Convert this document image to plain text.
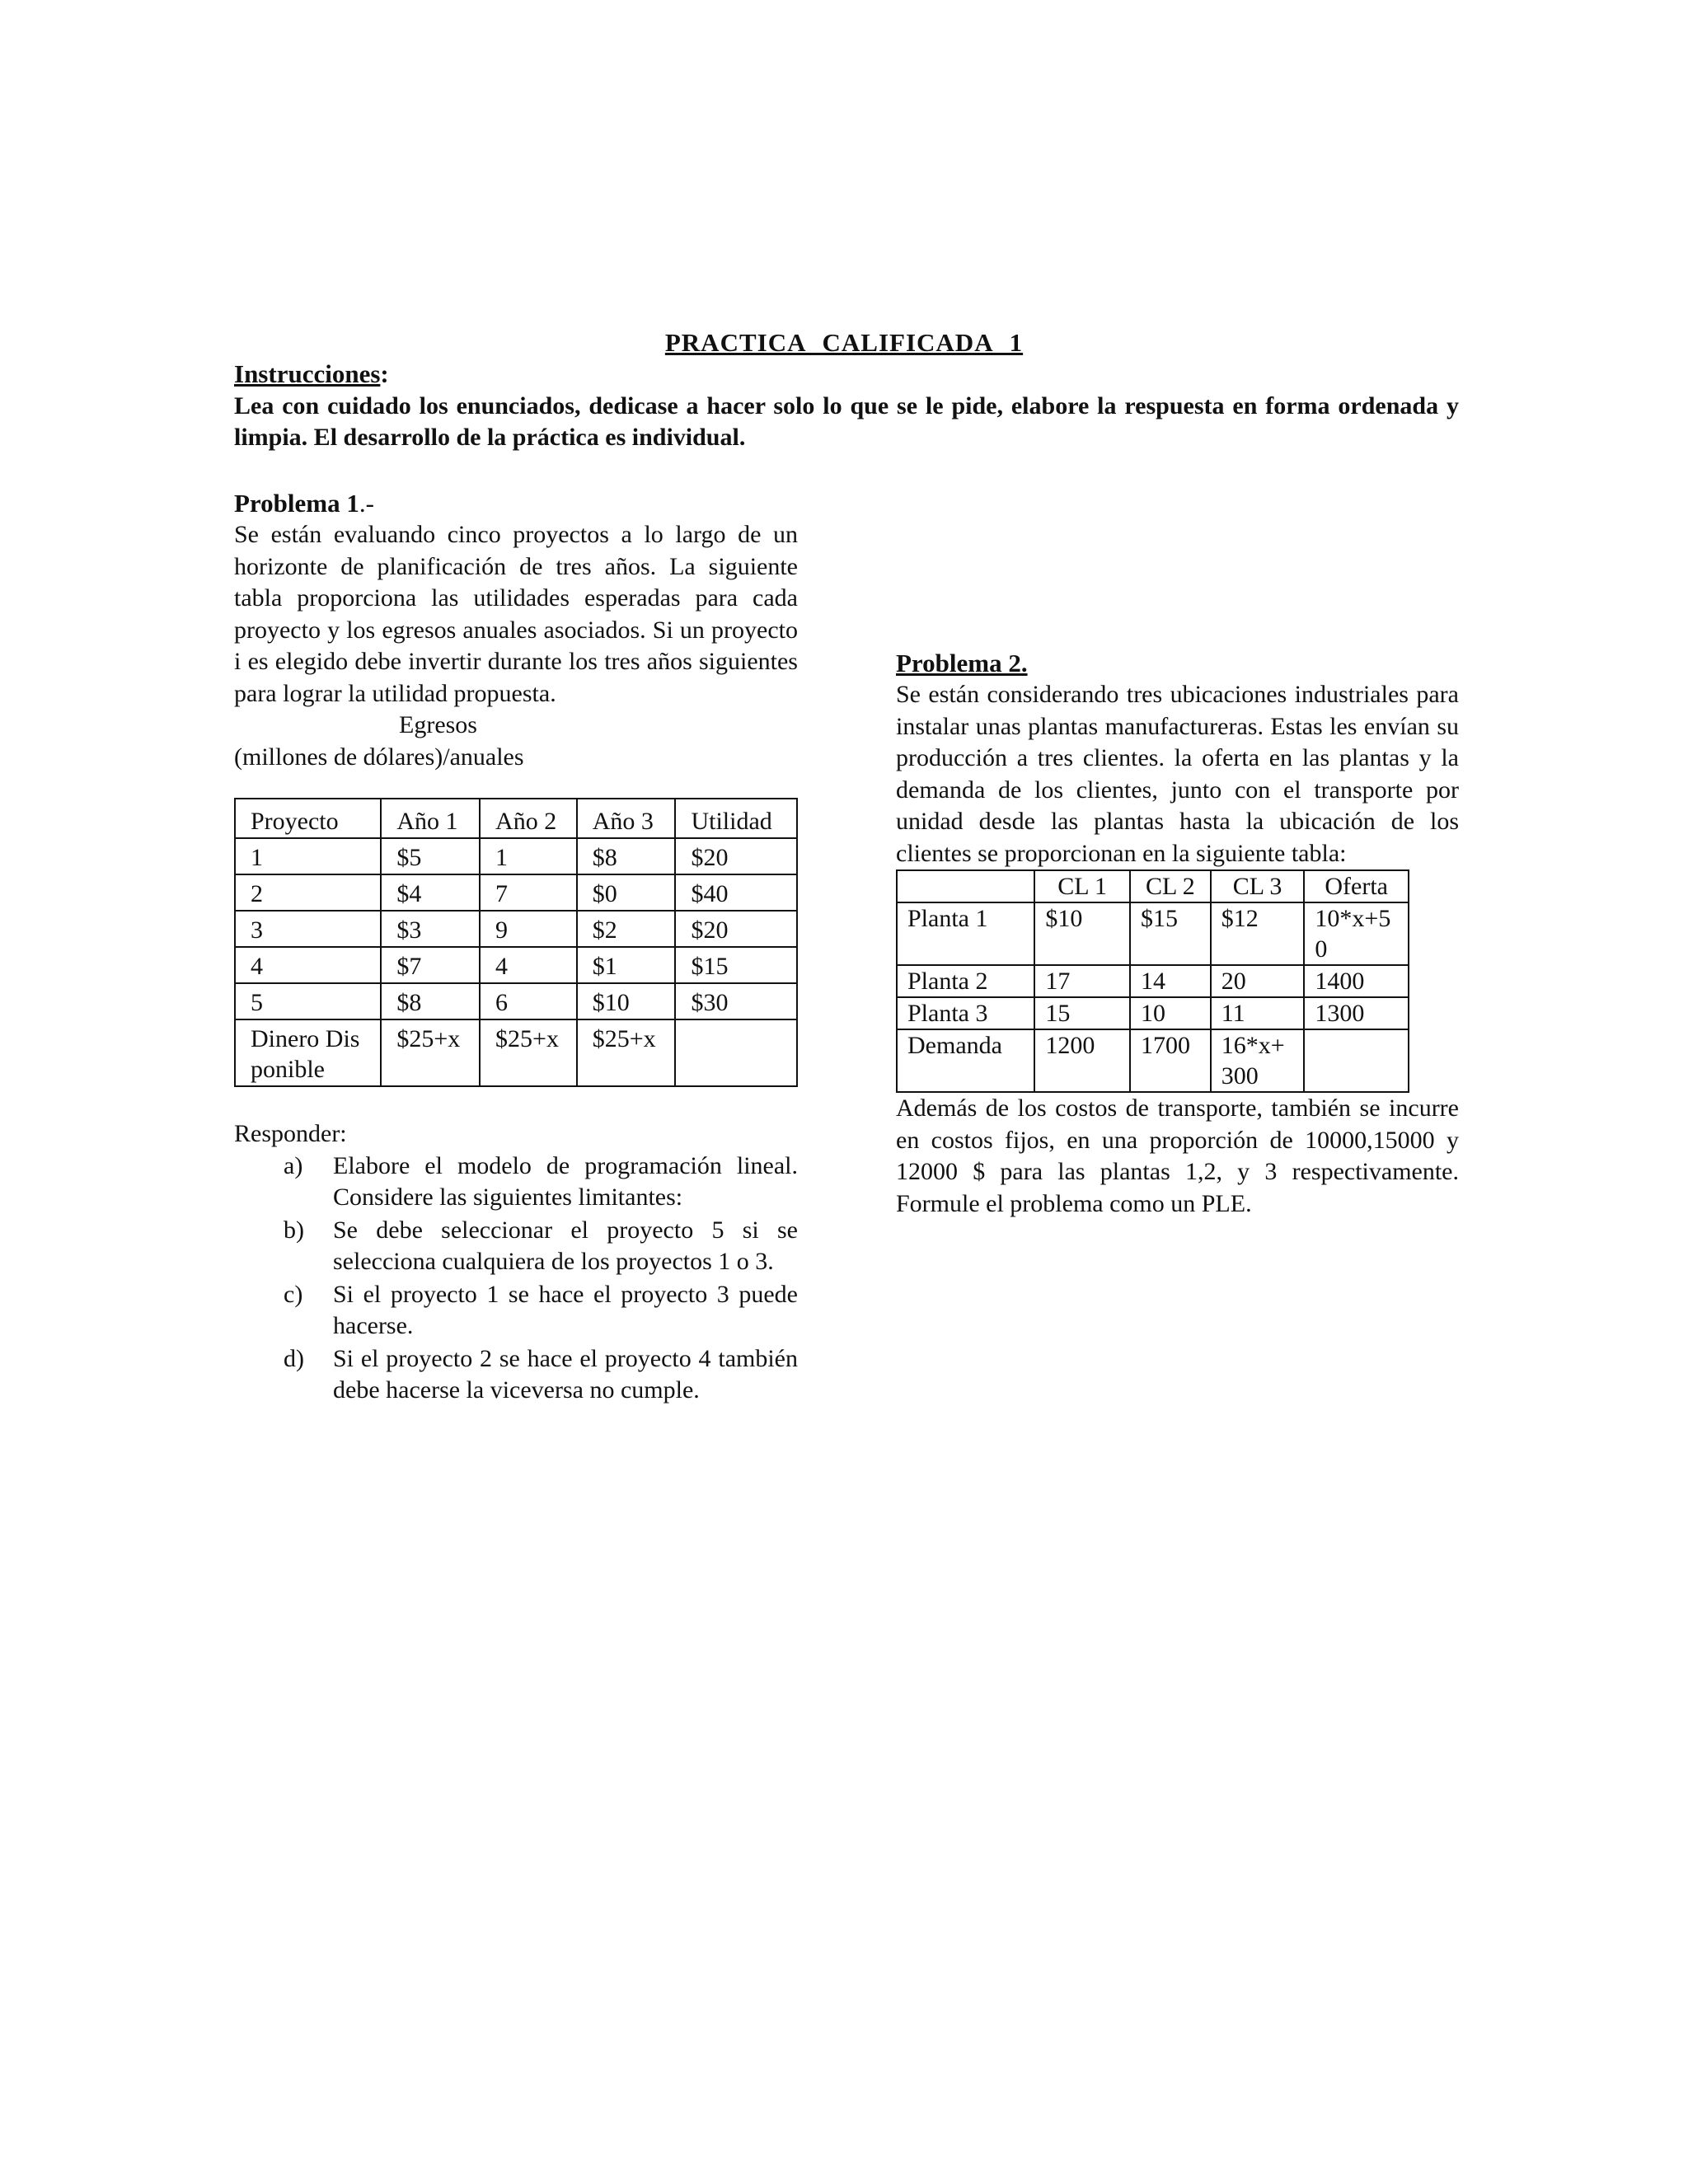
PRACTICA CALIFICADA 1
Instrucciones:
Lea con cuidado los enunciados, dedicase a hacer solo lo que se le pide, elabore la respuesta en forma ordenada y limpia. El desarrollo de la práctica es individual.
Problema 1.-

Se están evaluando cinco proyectos a lo largo de un horizonte de planificación de tres años. La siguiente tabla proporciona las utilidades esperadas para cada proyecto y los egresos anuales asociados. Si un proyecto i es elegido debe invertir durante los tres años siguientes para lograr la utilidad propuesta.

Egresos
(millones de dólares)/anuales
Proyecto	Año 1	Año 2	Año 3	Utilidad
1	$5	1	$8	$20
2	$4	7	$0	$40
3	$3	9	$2	$20
4	$7	4	$1	$15
5	$8	6	$10	$30
Dinero Disponible	$25+x	$25+x	$25+x	
Responder:
a) Elabore el modelo de programación lineal. Considere las siguientes limitantes:
b) Se debe seleccionar el proyecto 5 si se selecciona cualquiera de los proyectos 1 o 3.
c) Si el proyecto 1 se hace el proyecto 3 puede hacerse.
d) Si el proyecto 2 se hace el proyecto 4 también debe hacerse la viceversa no cumple.
Problema 2.

Se están considerando tres ubicaciones industriales para instalar unas plantas manufactureras. Estas les envían su producción a tres clientes. la oferta en las plantas y la demanda de los clientes, junto con el transporte por unidad desde las plantas hasta la ubicación de los clientes se proporcionan en la siguiente tabla:

	CL 1	CL 2	CL 3	Oferta
Planta 1	$10	$15	$12	10*x+50
Planta 2	17	14	20	1400
Planta 3	15	10	11	1300
Demanda	1200	1700	16*x+300	

Además de los costos de transporte, también se incurre en costos fijos, en una proporción de 10000,15000 y 12000 $ para las plantas 1,2, y 3 respectivamente. Formule el problema como un PLE.
